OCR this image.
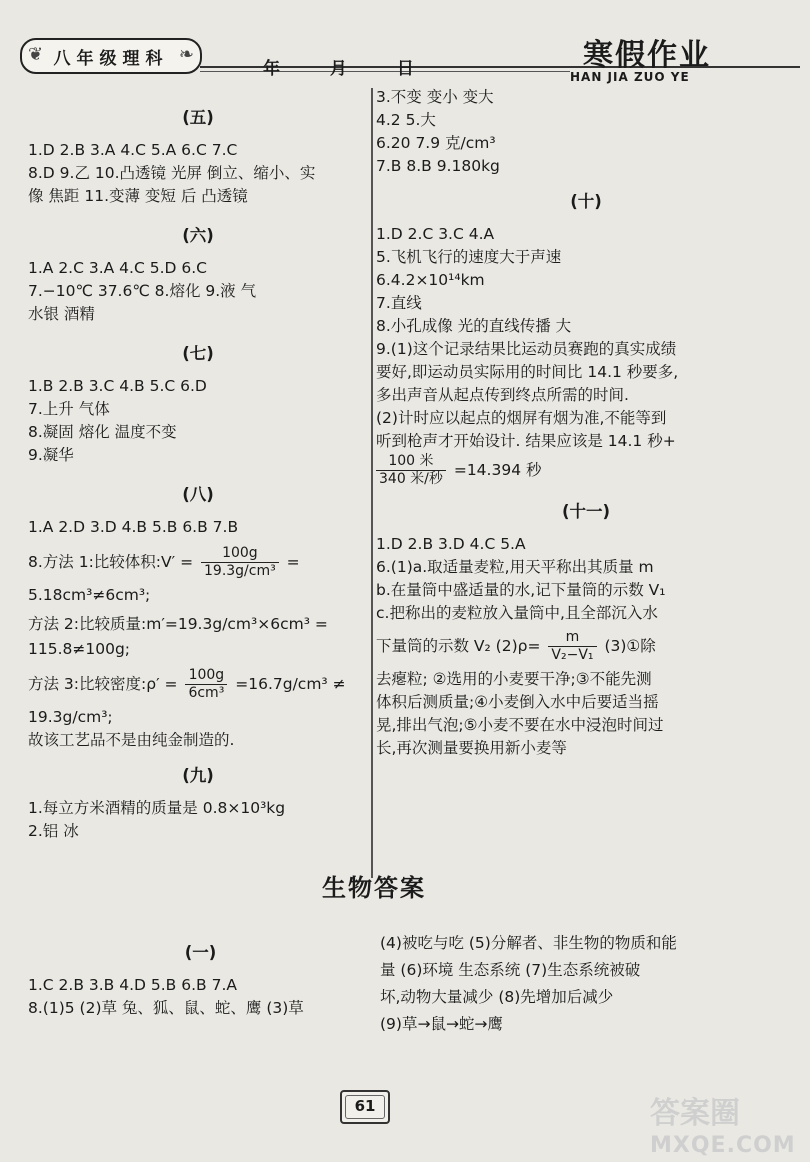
❦ 八年级理科 ❧
年	月	日	寒假作业
HAN JIA ZUO YE
(五)
1.D 2.B 3.A 4.C 5.A 6.C 7.C
8.D 9.乙 10.凸透镜 光屏 倒立、缩小、实
像 焦距 11.变薄 变短 后 凸透镜
(六)
1.A 2.C 3.A 4.C 5.D 6.C
7.−10℃ 37.6℃ 8.熔化 9.液 气
水银 酒精
(七)
1.B 2.B 3.C 4.B 5.C 6.D
7.上升 气体
8.凝固 熔化 温度不变
9.凝华
(八)
1.A 2.D 3.D 4.B 5.B 6.B 7.B
8.方法 1:比较体积:V′ = $\frac{100g}{\text{19.3g/cm³}}$ =
5.18cm³≠6cm³;
方法 2:比较质量:m′=19.3g/cm³×6cm³ =
115.8≠100g;
方法 3:比较密度:ρ′ = $\frac{100g}{\text{6cm³}} =16.7g/cm^3$ ≠
19.3g/cm³;
故该工艺品不是由纯金制造的.
(九)
1.每立方米酒精的质量是 0.8×10³kg
2.铝 冰
3.不变 变小 变大
4.2 5.大
6.20 7.9 克/cm³
7.B 8.B 9.180kg
(十)
1.D 2.C 3.C 4.A
5.飞机飞行的速度大于声速
6.4.2×10¹⁴km
7.直线
8.小孔成像 光的直线传播 大
9.(1)这个记录结果比运动员赛跑的真实成绩
要好,即运动员实际用的时间比 14.1 秒要多,
多出声音从起点传到终点所需的时间.
(2)计时应以起点的烟屏有烟为准,不能等到
听到枪声才开始设计. 结果应该是 14.1 秒+
$\frac{\text{100 米}}{\text{340 米/秒}} =14.394$ 秒
(十一)
1.D 2.B 3.D 4.C 5.A
6.(1)a.取适量麦粒,用天平称出其质量 m
b.在量筒中盛适量的水,记下量筒的示数 V₁
c.把称出的麦粒放入量筒中,且全部沉入水
下量筒的示数 V₂ $(2)\rho= \frac{m}{\text{V₂−V₁}}$ (3)①除
去瘪粒; ②选用的小麦要干净;③不能先测
体积后测质量;④小麦倒入水中后要适当摇
晃,排出气泡;⑤小麦不要在水中浸泡时间过
长,再次测量要换用新小麦等
生物答案
(一)
1.C 2.B 3.B 4.D 5.B 6.B 7.A
8.(1)5 (2)草 兔、狐、鼠、蛇、鹰 (3)草
(4)被吃与吃 (5)分解者、非生物的物质和能
量 (6)环境 生态系统 (7)生态系统被破
坏,动物大量减少 (8)先增加后减少
(9)草→鼠→蛇→鹰
61	答案圈
MXQE.COM
